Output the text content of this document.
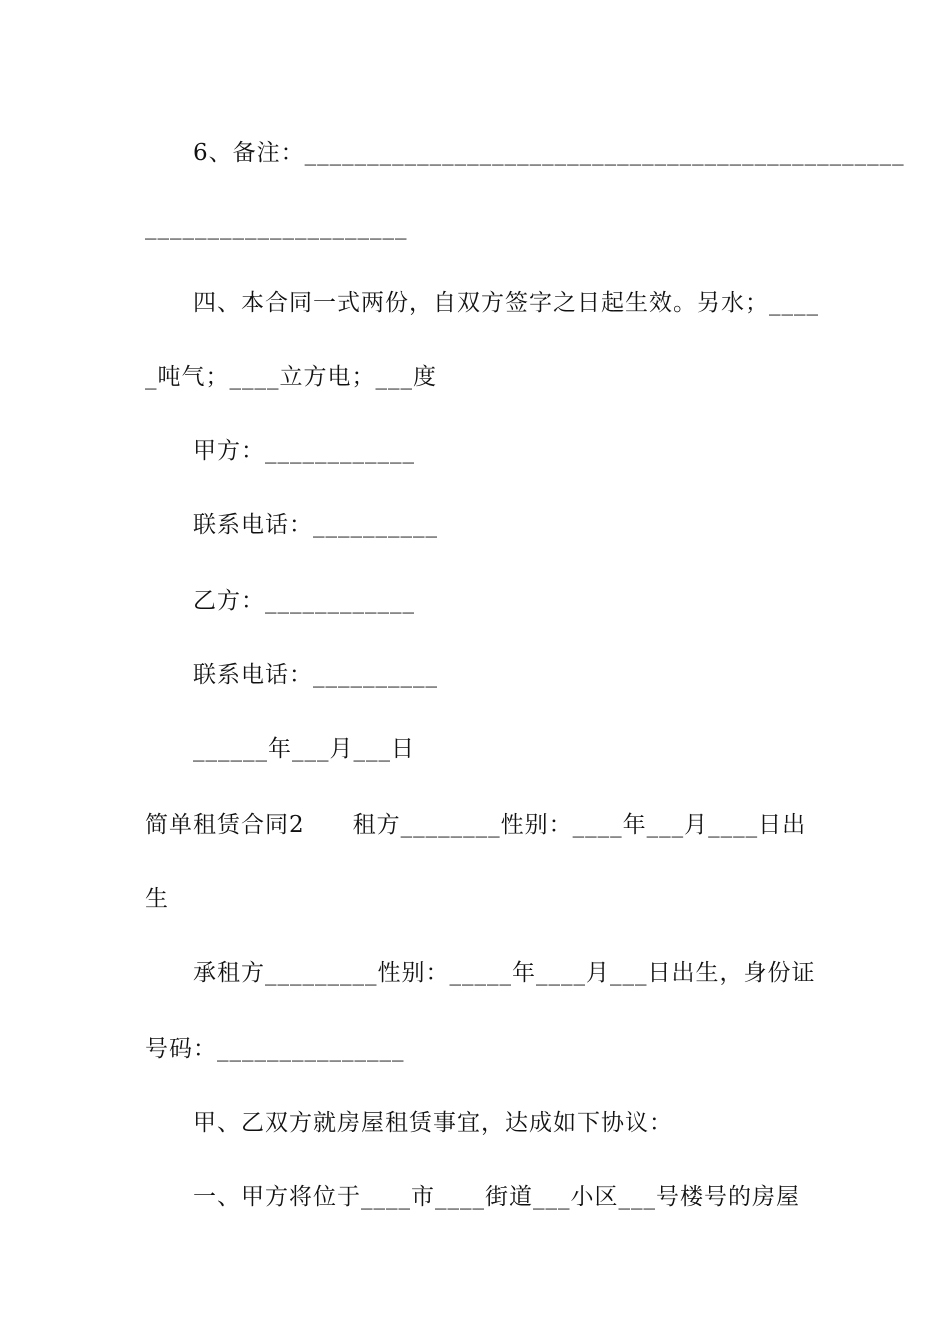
6、备注：________________________________________________
_____________________
四、本合同一式两份，自双方签字之日起生效。另水；____
_吨气；____立方电；___度
甲方：____________
联系电话：__________
乙方：____________
联系电话：__________
______年___月___日
简单租赁合同2　　租方________性别：____年___月____日出
生
承租方_________性别：_____年____月___日出生，身份证
号码：_______________
甲、乙双方就房屋租赁事宜，达成如下协议：
一、甲方将位于____市____街道___小区___号楼号的房屋
